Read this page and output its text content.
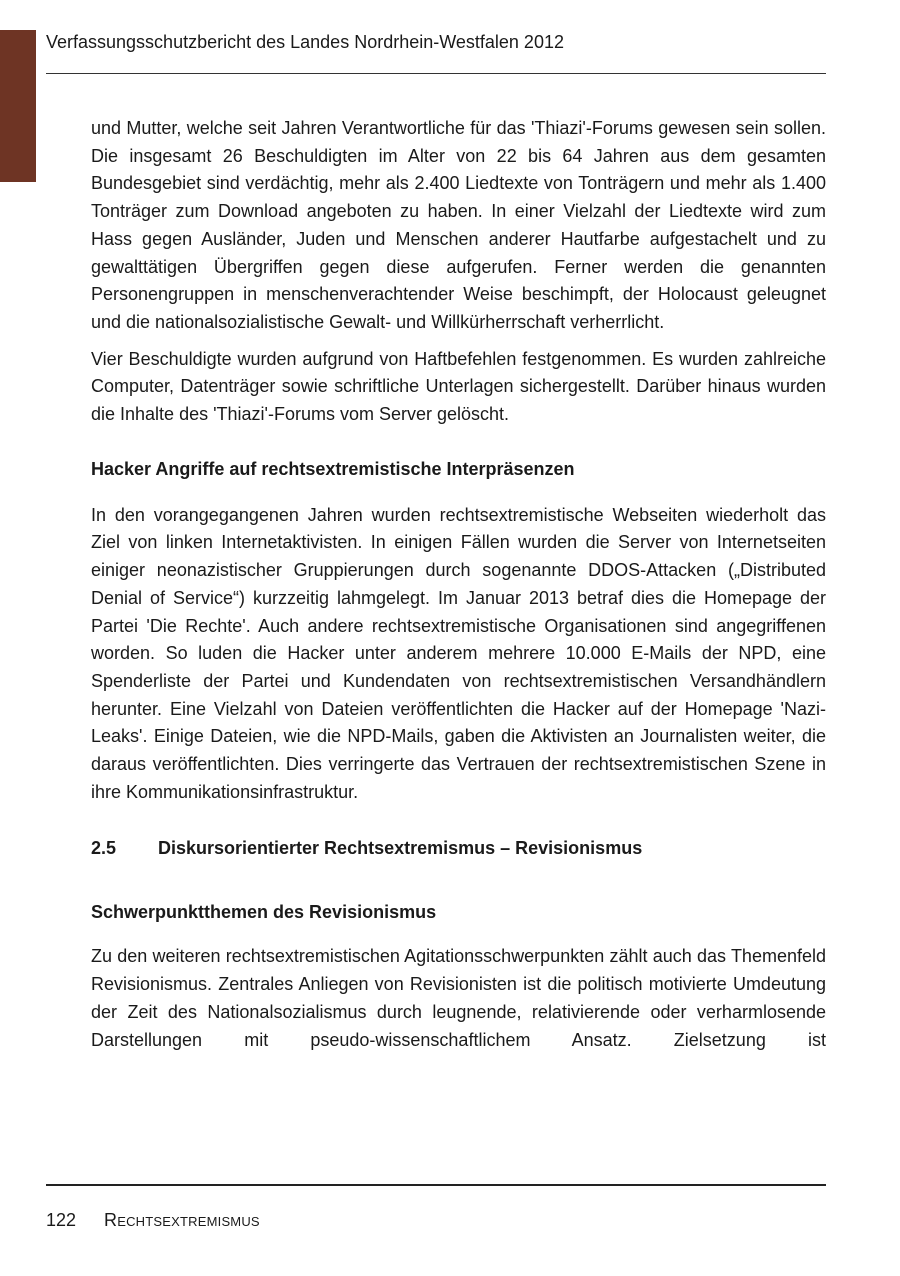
Verfassungsschutzbericht des Landes Nordrhein-Westfalen 2012

und Mutter, welche seit Jahren Verantwortliche für das 'Thiazi'-Forums gewesen sein sollen. Die insgesamt 26 Beschuldigten im Alter von 22 bis 64 Jahren aus dem gesamten Bundesgebiet sind verdächtig, mehr als 2.400 Liedtexte von Tonträgern und mehr als 1.400 Tonträger zum Download angeboten zu haben. In einer Vielzahl der Liedtexte wird zum Hass gegen Ausländer, Juden und Menschen anderer Hautfarbe aufgestachelt und zu gewalttätigen Übergriffen gegen diese aufgerufen. Ferner werden die genannten Personengruppen in menschenverachtender Weise beschimpft, der Holocaust geleugnet und die nationalsozialistische Gewalt- und Willkürherrschaft verherrlicht.

Vier Beschuldigte wurden aufgrund von Haftbefehlen festgenommen. Es wurden zahlreiche Computer, Datenträger sowie schriftliche Unterlagen sichergestellt. Darüber hinaus wurden die Inhalte des 'Thiazi'-Forums vom Server gelöscht.

Hacker Angriffe auf rechtsextremistische Interpräsenzen

In den vorangegangenen Jahren wurden rechtsextremistische Webseiten wiederholt das Ziel von linken Internetaktivisten. In einigen Fällen wurden die Server von Internetseiten einiger neonazistischer Gruppierungen durch sogenannte DDOS-Attacken („Distributed Denial of Service“) kurzzeitig lahmgelegt. Im Januar 2013 betraf dies die Homepage der Partei 'Die Rechte'. Auch andere rechtsextremistische Organisationen sind angegriffenen worden. So luden die Hacker unter anderem mehrere 10.000 E-Mails der NPD, eine Spenderliste der Partei und Kundendaten von rechtsextremistischen Versandhändlern herunter. Eine Vielzahl von Dateien veröffentlichten die Hacker auf der Homepage 'Nazi-Leaks'. Einige Dateien, wie die NPD-Mails, gaben die Aktivisten an Journalisten weiter, die daraus veröffentlichten. Dies verringerte das Vertrauen der rechtsextremistischen Szene in ihre Kommunikationsinfrastruktur.

2.5 Diskursorientierter Rechtsextremismus – Revisionismus
Schwerpunktthemen des Revisionismus

Zu den weiteren rechtsextremistischen Agitationsschwerpunkten zählt auch das Themenfeld Revisionismus. Zentrales Anliegen von Revisionisten ist die politisch motivierte Umdeutung der Zeit des Nationalsozialismus durch leugnende, relativierende oder verharmlosende Darstellungen mit pseudo-wissenschaftlichem Ansatz. Zielsetzung ist

122 Rechtsextremismus
